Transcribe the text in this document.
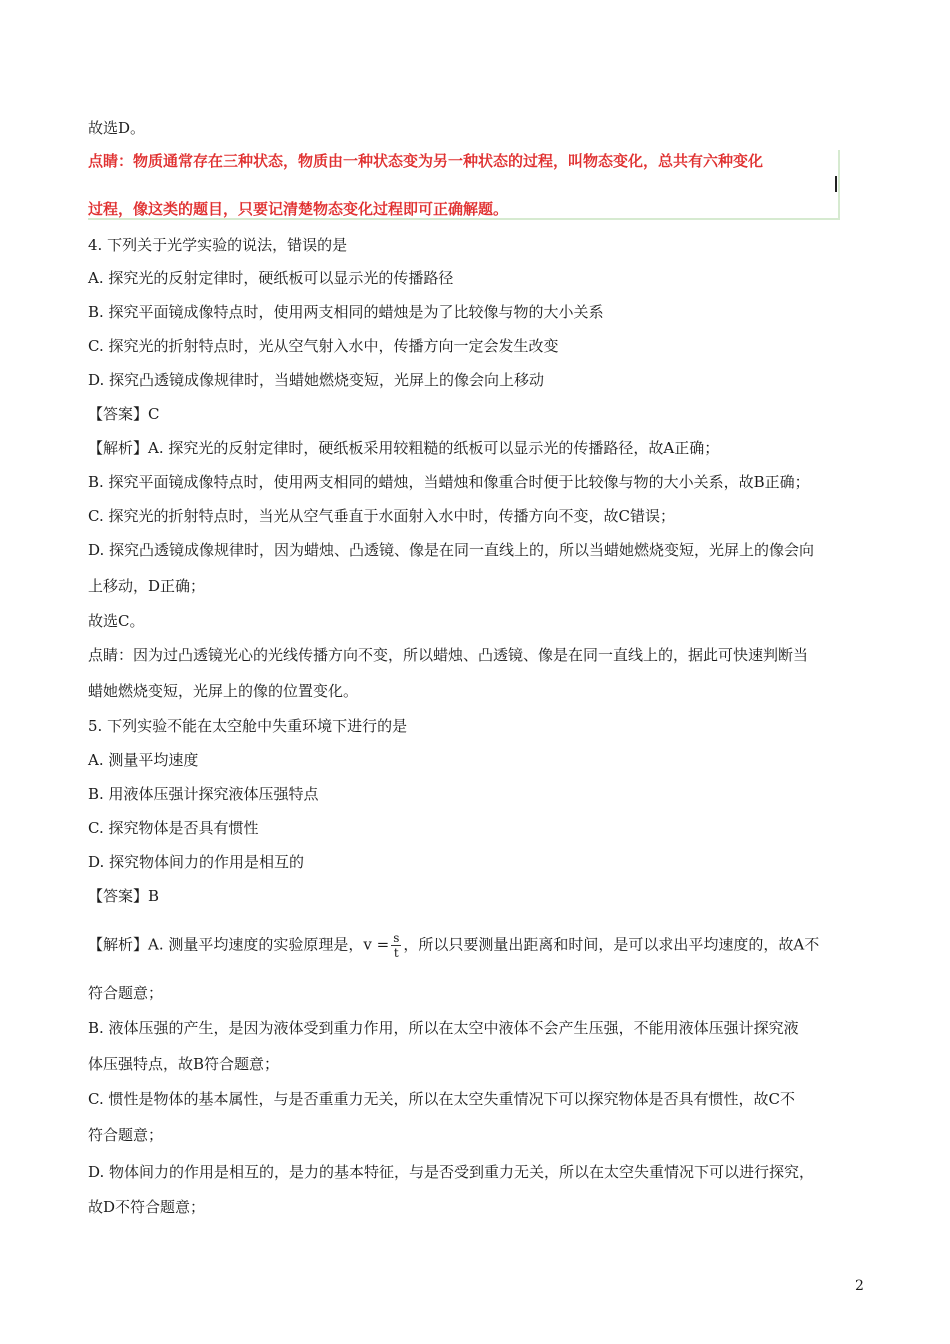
故选D。
点睛：物质通常存在三种状态，物质由一种状态变为另一种状态的过程，叫物态变化，总共有六种变化
过程，像这类的题目，只要记清楚物态变化过程即可正确解题。
4. 下列关于光学实验的说法，错误的是
A. 探究光的反射定律时，硬纸板可以显示光的传播路径
B. 探究平面镜成像特点时，使用两支相同的蜡烛是为了比较像与物的大小关系
C. 探究光的折射特点时，光从空气射入水中，传播方向一定会发生改变
D. 探究凸透镜成像规律时，当蜡她燃烧变短，光屏上的像会向上移动
【答案】C
【解析】A. 探究光的反射定律时，硬纸板采用较粗糙的纸板可以显示光的传播路径，故A正确；
B. 探究平面镜成像特点时，使用两支相同的蜡烛，当蜡烛和像重合时便于比较像与物的大小关系，故B正确；
C. 探究光的折射特点时，当光从空气垂直于水面射入水中时，传播方向不变，故C错误；
D. 探究凸透镜成像规律时，因为蜡烛、凸透镜、像是在同一直线上的，所以当蜡她燃烧变短，光屏上的像会向
上移动，D正确；
故选C。
点睛：因为过凸透镜光心的光线传播方向不变，所以蜡烛、凸透镜、像是在同一直线上的，据此可快速判断当
蜡她燃烧变短，光屏上的像的位置变化。
5. 下列实验不能在太空舱中失重环境下进行的是
A. 测量平均速度
B. 用液体压强计探究液体压强特点
C. 探究物体是否具有惯性
D. 探究物体间力的作用是相互的
【答案】B
【解析】A. 测量平均速度的实验原理是，$v = \frac{s}{t}$ ，所以只要测量出距离和时间，是可以求出平均速度的，故A不
符合题意；
B. 液体压强的产生，是因为液体受到重力作用，所以在太空中液体不会产生压强，不能用液体压强计探究液
体压强特点，故B符合题意；
C. 惯性是物体的基本属性，与是否重重力无关，所以在太空失重情况下可以探究物体是否具有惯性，故C不
符合题意；
D. 物体间力的作用是相互的，是力的基本特征，与是否受到重力无关，所以在太空失重情况下可以进行探究，
故D不符合题意；
2
